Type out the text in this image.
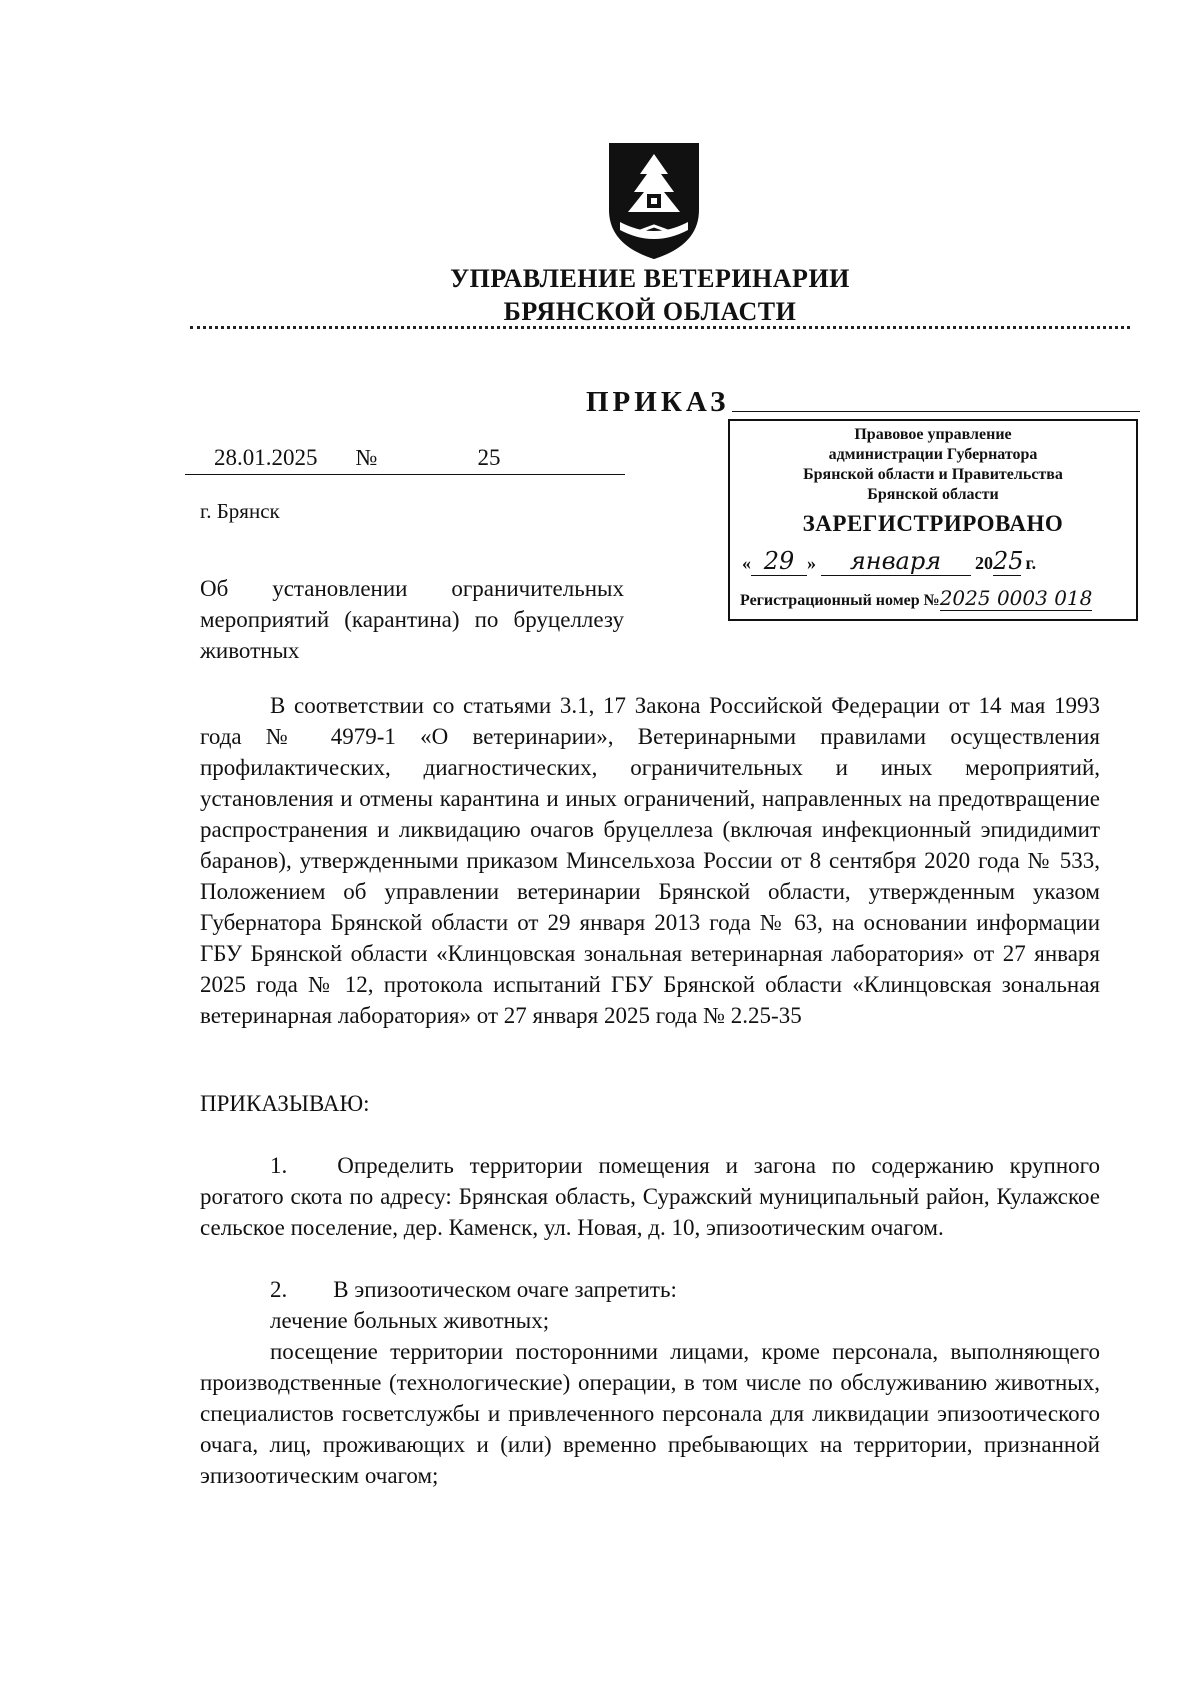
УПРАВЛЕНИЕ ВЕТЕРИНАРИИ
БРЯНСКОЙ ОБЛАСТИ
ПРИКАЗ
28.01.2025 №	25
г. Брянск
Об установлении ограничительных мероприятий (карантина) по бруцеллезу животных
Правовое управление
администрации Губернатора
Брянской области и Правительства
Брянской области
ЗАРЕГИСТРИРОВАНО
« 29 » января 2025 г.
Регистрационный номер №2025 0003 018

В соответствии со статьями 3.1, 17 Закона Российской Федерации от 14 мая 1993 года № 4979-1 «О ветеринарии», Ветеринарными правилами осуществления профилактических, диагностических, ограничительных и иных мероприятий, установления и отмены карантина и иных ограничений, направленных на предотвращение распространения и ликвидацию очагов бруцеллеза (включая инфекционный эпидидимит баранов), утвержденными приказом Минсельхоза России от 8 сентября 2020 года № 533, Положением об управлении ветеринарии Брянской области, утвержденным указом Губернатора Брянской области от 29 января 2013 года № 63, на основании информации ГБУ Брянской области «Клинцовская зональная ветеринарная лаборатория» от 27 января 2025 года № 12, протокола испытаний ГБУ Брянской области «Клинцовская зональная ветеринарная лаборатория» от 27 января 2025 года № 2.25-35

ПРИКАЗЫВАЮ:

1. Определить территории помещения и загона по содержанию крупного рогатого скота по адресу: Брянская область, Суражский муниципальный район, Кулажское сельское поселение, дер. Каменск, ул. Новая, д. 10, эпизоотическим очагом.

2. В эпизоотическом очаге запретить:

лечение больных животных;

посещение территории посторонними лицами, кроме персонала, выполняющего производственные (технологические) операции, в том числе по обслуживанию животных, специалистов госветслужбы и привлеченного персонала для ликвидации эпизоотического очага, лиц, проживающих и (или) временно пребывающих на территории, признанной эпизоотическим очагом;
